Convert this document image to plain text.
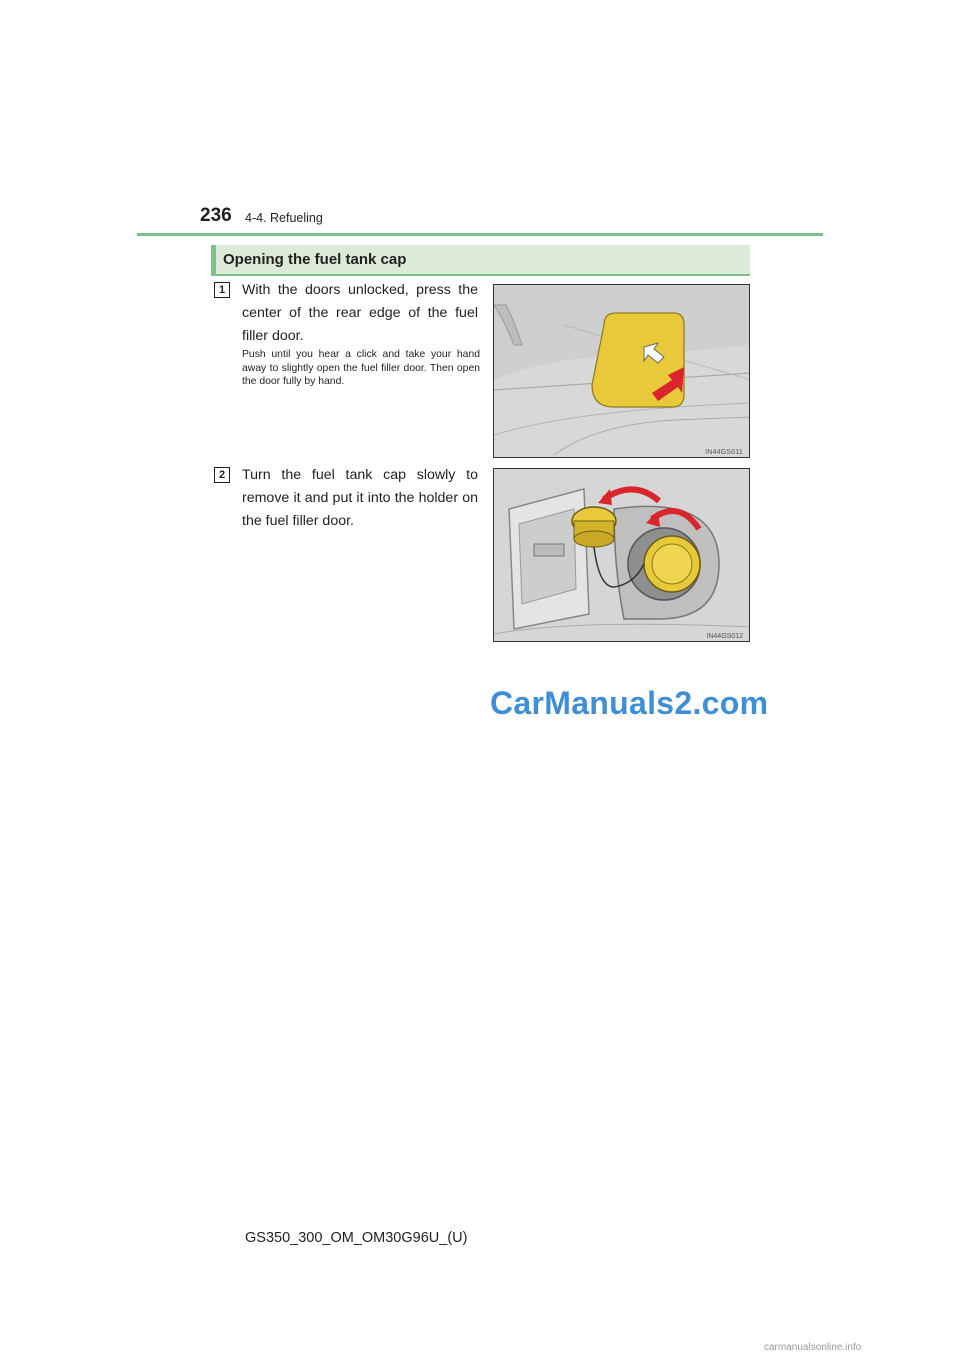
236 4-4. Refueling
Opening the fuel tank cap
1	With the doors unlocked, press the center of the rear edge of the fuel filler door.
Push until you hear a click and take your hand away to slightly open the fuel filler door. Then open the door fully by hand.
IN44GS011
2	Turn the fuel tank cap slowly to remove it and put it into the holder on the fuel filler door.
IN44GS012
CarManuals2.com
GS350_300_OM_OM30G96U_(U)
carmanualsonline.info
